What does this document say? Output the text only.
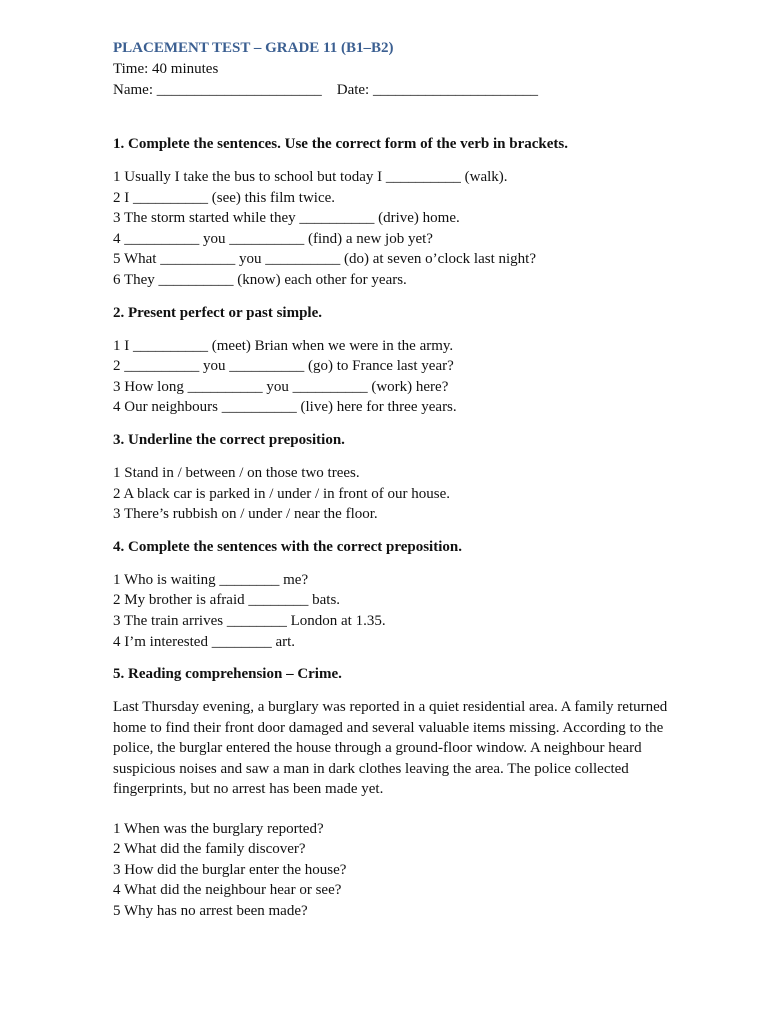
PLACEMENT TEST – GRADE 11 (B1–B2)

Time: 40 minutes

Name: ______________________ Date: ______________________

1. Complete the sentences. Use the correct form of the verb in brackets.

1 Usually I take the bus to school but today I __________ (walk).

2 I __________ (see) this film twice.

3 The storm started while they __________ (drive) home.

4 __________ you __________ (find) a new job yet?

5 What __________ you __________ (do) at seven o’clock last night?

6 They __________ (know) each other for years.

2. Present perfect or past simple.

1 I __________ (meet) Brian when we were in the army.

2 __________ you __________ (go) to France last year?

3 How long __________ you __________ (work) here?

4 Our neighbours __________ (live) here for three years.

3. Underline the correct preposition.

1 Stand in / between / on those two trees.

2 A black car is parked in / under / in front of our house.

3 There’s rubbish on / under / near the floor.

4. Complete the sentences with the correct preposition.

1 Who is waiting ________ me?

2 My brother is afraid ________ bats.

3 The train arrives ________ London at 1.35.

4 I’m interested ________ art.

5. Reading comprehension – Crime.

Last Thursday evening, a burglary was reported in a quiet residential area. A family returned home to find their front door damaged and several valuable items missing. According to the police, the burglar entered the house through a ground-floor window. A neighbour heard suspicious noises and saw a man in dark clothes leaving the area. The police collected fingerprints, but no arrest has been made yet.

1 When was the burglary reported?

2 What did the family discover?

3 How did the burglar enter the house?

4 What did the neighbour hear or see?

5 Why has no arrest been made?
